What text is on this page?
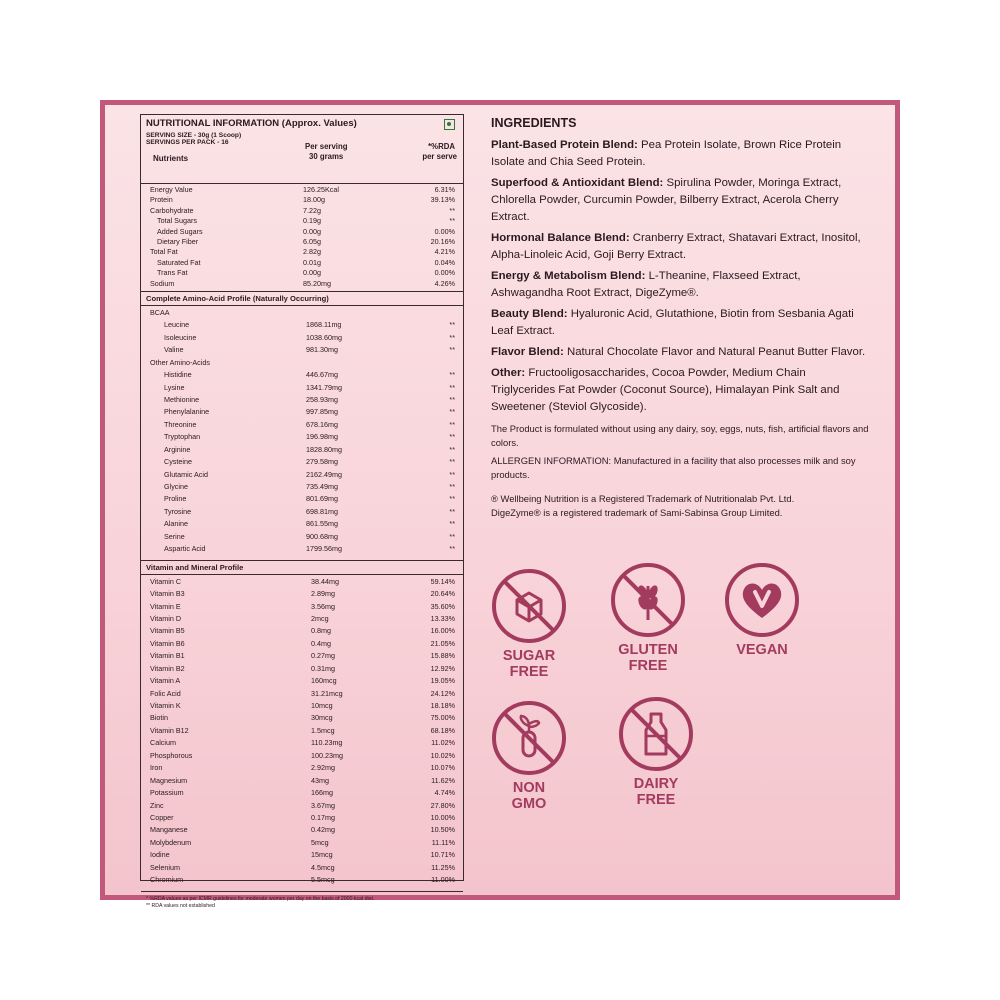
NUTRITIONAL INFORMATION (Approx. Values)
SERVING SIZE - 30g (1 Scoop)
SERVINGS PER PACK - 16	Per serving
30 grams
*%RDA
per serve
Nutrients
Energy Value	126.25Kcal	6.31%
Protein	18.00g	39.13%
Carbohydrate	7.22g	**
Total Sugars	0.19g	**
Added Sugars	0.00g	0.00%
Dietary Fiber	6.05g	20.16%
Total Fat	2.82g	4.21%
Saturated Fat	0.01g	0.04%
Trans Fat	0.00g	0.00%
Sodium	85.20mg	4.26%
Complete Amino-Acid Profile (Naturally Occurring)
BCAA
Leucine	1868.11mg	**
Isoleucine	1038.60mg	**
Valine	981.30mg	**
Other Amino-Acids
Histidine	446.67mg	**
Lysine	1341.79mg	**
Methionine	258.93mg	**
Phenylalanine	997.85mg	**
Threonine	678.16mg	**
Tryptophan	196.98mg	**
Arginine	1828.80mg	**
Cysteine	279.58mg	**
Glutamic Acid	2162.49mg	**
Glycine	735.49mg	**
Proline	801.69mg	**
Tyrosine	698.81mg	**
Alanine	861.55mg	**
Serine	900.68mg	**
Aspartic Acid	1799.56mg	**
Vitamin and Mineral Profile
Vitamin C	38.44mg	59.14%
Vitamin B3	2.89mg	20.64%
Vitamin E	3.56mg	35.60%
Vitamin D	2mcg	13.33%
Vitamin B5	0.8mg	16.00%
Vitamin B6	0.4mg	21.05%
Vitamin B1	0.27mg	15.88%
Vitamin B2	0.31mg	12.92%
Vitamin A	160mcg	19.05%
Folic Acid	31.21mcg	24.12%
Vitamin K	10mcg	18.18%
Biotin	30mcg	75.00%
Vitamin B12	1.5mcg	68.18%
Calcium	110.23mg	11.02%
Phosphorous	100.23mg	10.02%
Iron	2.92mg	10.07%
Magnesium	43mg	11.62%
Potassium	166mg	4.74%
Zinc	3.67mg	27.80%
Copper	0.17mg	10.00%
Manganese	0.42mg	10.50%
Molybdenum	5mcg	11.11%
Iodine	15mcg	10.71%
Selenium	4.5mcg	11.25%
Chromium	5.5mcg	11.00%
* %RDA values as per ICMR guidelines for moderate women per day on the basis of 2000 kcal diet.
** RDA values not established
INGREDIENTS
Plant-Based Protein Blend: Pea Protein Isolate, Brown Rice Protein Isolate and Chia Seed Protein.
Superfood & Antioxidant Blend: Spirulina Powder, Moringa Extract, Chlorella Powder, Curcumin Powder, Bilberry Extract, Acerola Cherry Extract.
Hormonal Balance Blend: Cranberry Extract, Shatavari Extract, Inositol, Alpha-Linoleic Acid, Goji Berry Extract.
Energy & Metabolism Blend: L-Theanine, Flaxseed Extract, Ashwagandha Root Extract, DigeZyme®.
Beauty Blend: Hyaluronic Acid, Glutathione, Biotin from Sesbania Agati Leaf Extract.
Flavor Blend: Natural Chocolate Flavor and Natural Peanut Butter Flavor.
Other: Fructooligosaccharides, Cocoa Powder, Medium Chain Triglycerides Fat Powder (Coconut Source), Himalayan Pink Salt and Sweetener (Steviol Glycoside).
The Product is formulated without using any dairy, soy, eggs, nuts, fish, artificial flavors and colors.
ALLERGEN INFORMATION: Manufactured in a facility that also processes milk and soy products.
® Wellbeing Nutrition is a Registered Trademark of Nutritionalab Pvt. Ltd.
DigeZyme® is a registered trademark of Sami-Sabinsa Group Limited.
SUGAR
FREE
GLUTEN
FREE
VEGAN
NON
GMO
DAIRY
FREE
